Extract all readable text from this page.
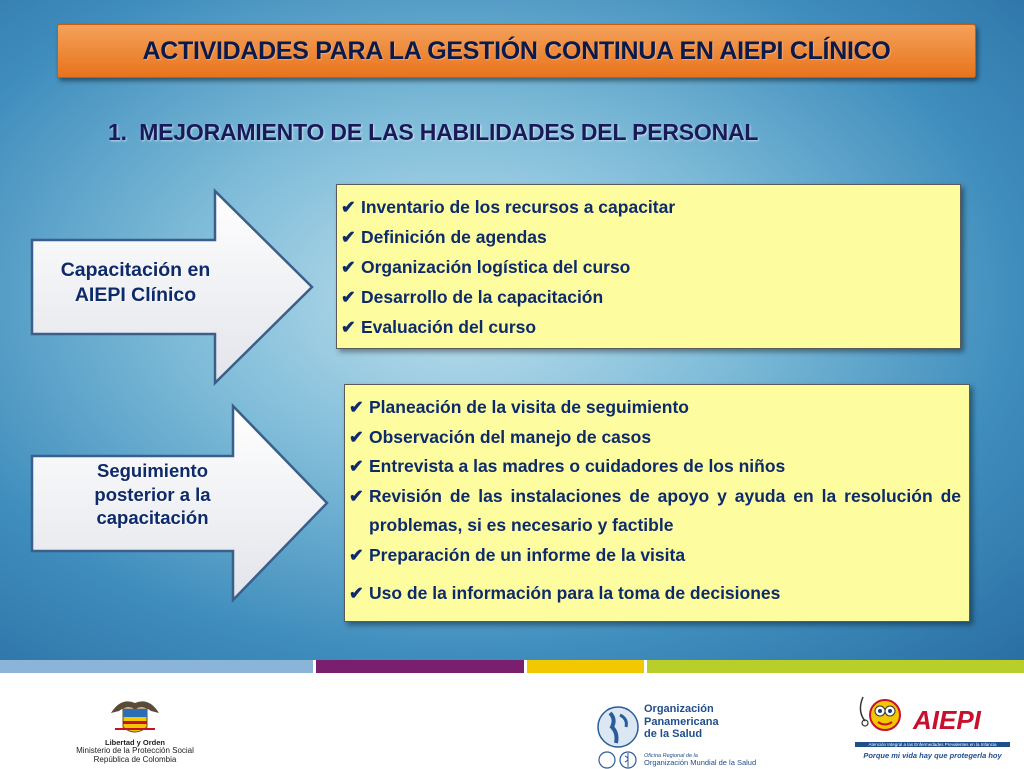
ACTIVIDADES PARA LA GESTIÓN CONTINUA EN AIEPI CLÍNICO
1. MEJORAMIENTO DE LAS HABILIDADES DEL PERSONAL
Capacitación en
AIEPI Clínico
✔ Inventario de los recursos a capacitar
✔ Definición de agendas
✔ Organización logística del curso
✔ Desarrollo de la capacitación
✔ Evaluación del curso
Seguimiento
posterior a la
capacitación
✔ Planeación de la visita de seguimiento
✔ Observación del manejo de casos
✔ Entrevista a las madres o cuidadores de los niños
✔ Revisión de las instalaciones de apoyo y ayuda en la resolución de problemas, si es necesario y factible
✔ Preparación de un informe de la visita
✔ Uso de la información para la toma de decisiones
Libertad y Orden
Ministerio de la Protección Social
República de Colombia
Organización
Panamericana
de la Salud
Oficina Regional de la
Organización Mundial de la Salud
AIEPI
Atención Integral a las Enfermedades Prevalentes en la Infancia
Porque mi vida hay que protegerla hoy
